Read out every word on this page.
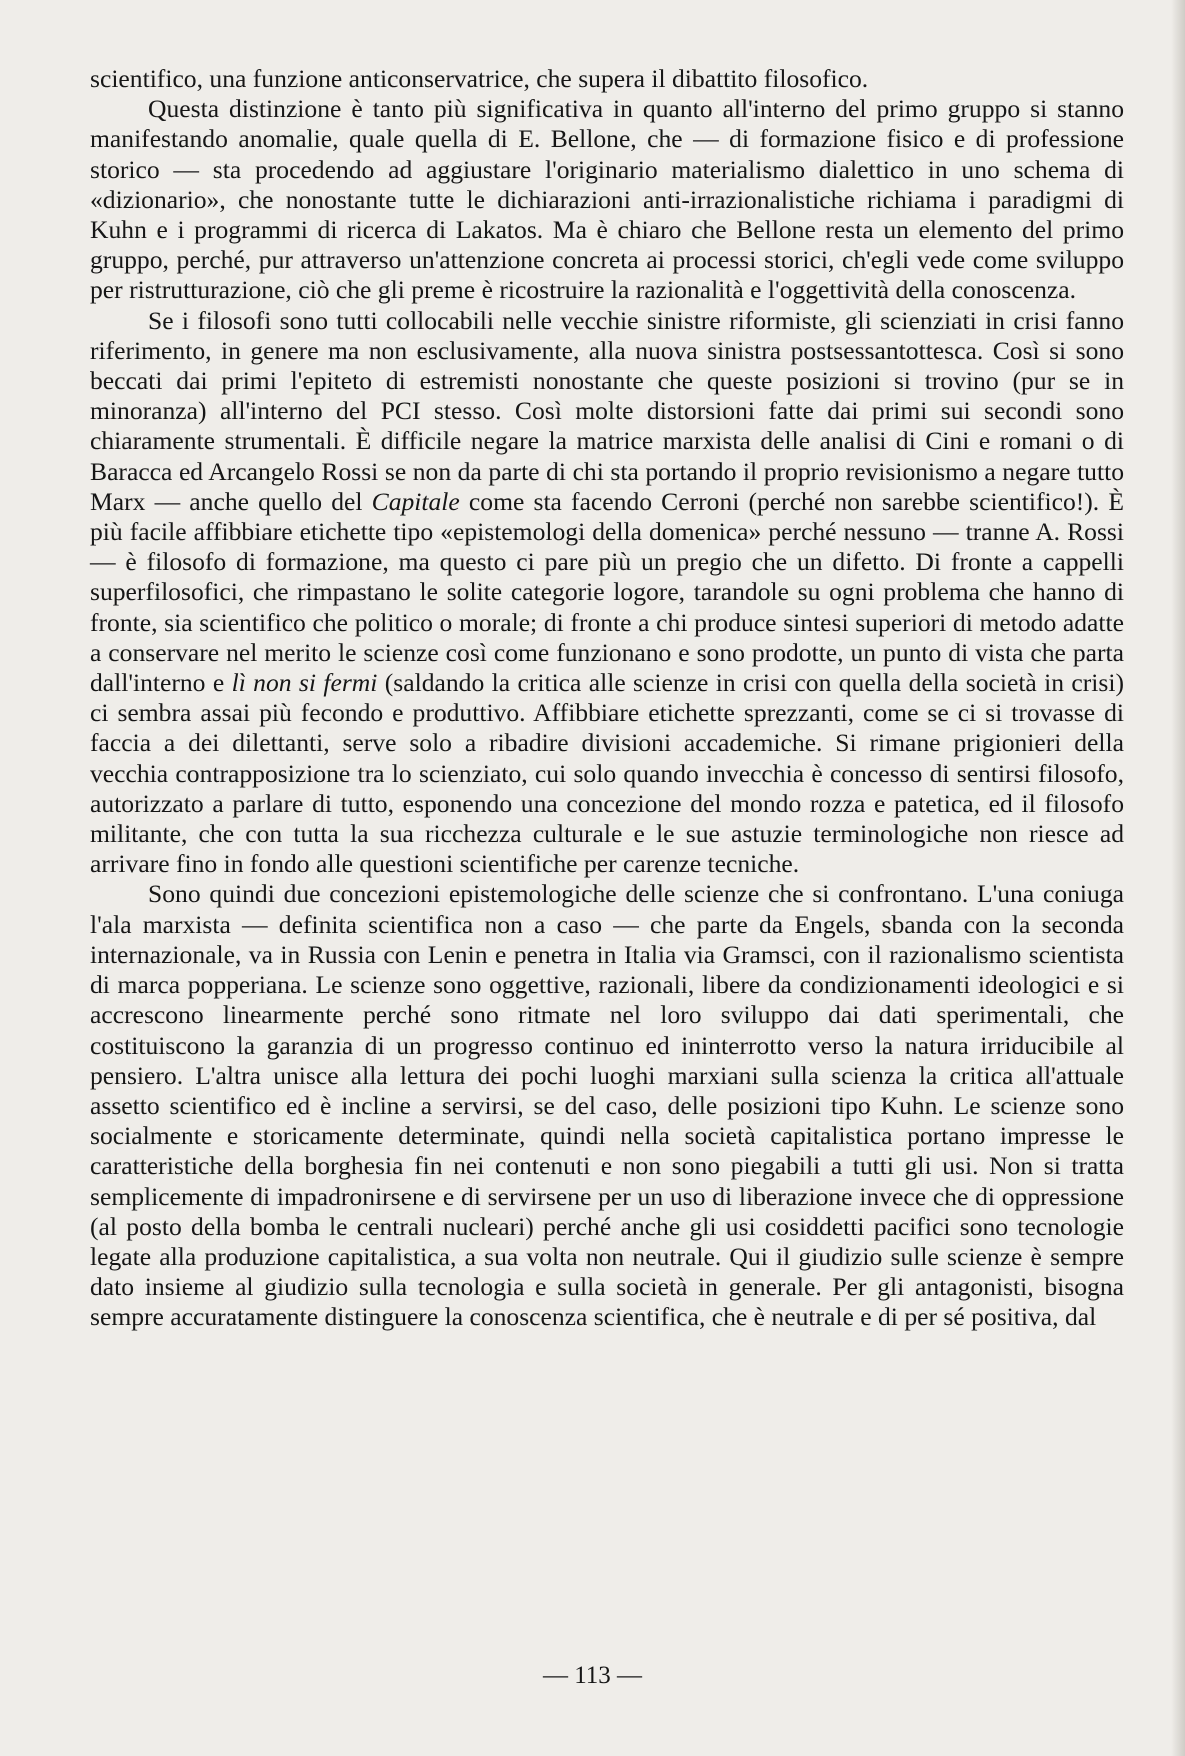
scientifico, una funzione anticonservatrice, che supera il dibattito filosofico.

Questa distinzione è tanto più significativa in quanto all'interno del primo gruppo si stanno manifestando anomalie, quale quella di E. Bellone, che — di formazione fisico e di professione storico — sta procedendo ad aggiustare l'originario materialismo dialettico in uno schema di «dizionario», che nonostante tutte le dichiarazioni anti-irrazionalistiche richiama i paradigmi di Kuhn e i programmi di ricerca di Lakatos. Ma è chiaro che Bellone resta un elemento del primo gruppo, perché, pur attraverso un'attenzione concreta ai processi storici, ch'egli vede come sviluppo per ristrutturazione, ciò che gli preme è ricostruire la razionalità e l'oggettività della conoscenza.

Se i filosofi sono tutti collocabili nelle vecchie sinistre riformiste, gli scienziati in crisi fanno riferimento, in genere ma non esclusivamente, alla nuova sinistra postsessantottesca. Così si sono beccati dai primi l'epiteto di estremisti nonostante che queste posizioni si trovino (pur se in minoranza) all'interno del PCI stesso. Così molte distorsioni fatte dai primi sui secondi sono chiaramente strumentali. È difficile negare la matrice marxista delle analisi di Cini e romani o di Baracca ed Arcangelo Rossi se non da parte di chi sta portando il proprio revisionismo a negare tutto Marx — anche quello del Capitale come sta facendo Cerroni (perché non sarebbe scientifico!). È più facile affibbiare etichette tipo «epistemologi della domenica» perché nessuno — tranne A. Rossi — è filosofo di formazione, ma questo ci pare più un pregio che un difetto. Di fronte a cappelli superfilosofici, che rimpastano le solite categorie logore, tarandole su ogni problema che hanno di fronte, sia scientifico che politico o morale; di fronte a chi produce sintesi superiori di metodo adatte a conservare nel merito le scienze così come funzionano e sono prodotte, un punto di vista che parta dall'interno e lì non si fermi (saldando la critica alle scienze in crisi con quella della società in crisi) ci sembra assai più fecondo e produttivo. Affibbiare etichette sprezzanti, come se ci si trovasse di faccia a dei dilettanti, serve solo a ribadire divisioni accademiche. Si rimane prigionieri della vecchia contrapposizione tra lo scienziato, cui solo quando invecchia è concesso di sentirsi filosofo, autorizzato a parlare di tutto, esponendo una concezione del mondo rozza e patetica, ed il filosofo militante, che con tutta la sua ricchezza culturale e le sue astuzie terminologiche non riesce ad arrivare fino in fondo alle questioni scientifiche per carenze tecniche.

Sono quindi due concezioni epistemologiche delle scienze che si confrontano. L'una coniuga l'ala marxista — definita scientifica non a caso — che parte da Engels, sbanda con la seconda internazionale, va in Russia con Lenin e penetra in Italia via Gramsci, con il razionalismo scientista di marca popperiana. Le scienze sono oggettive, razionali, libere da condizionamenti ideologici e si accrescono linearmente perché sono ritmate nel loro sviluppo dai dati sperimentali, che costituiscono la garanzia di un progresso continuo ed ininterrotto verso la natura irriducibile al pensiero. L'altra unisce alla lettura dei pochi luoghi marxiani sulla scienza la critica all'attuale assetto scientifico ed è incline a servirsi, se del caso, delle posizioni tipo Kuhn. Le scienze sono socialmente e storicamente determinate, quindi nella società capitalistica portano impresse le caratteristiche della borghesia fin nei contenuti e non sono piegabili a tutti gli usi. Non si tratta semplicemente di impadronirsene e di servirsene per un uso di liberazione invece che di oppressione (al posto della bomba le centrali nucleari) perché anche gli usi cosiddetti pacifici sono tecnologie legate alla produzione capitalistica, a sua volta non neutrale. Qui il giudizio sulle scienze è sempre dato insieme al giudizio sulla tecnologia e sulla società in generale. Per gli antagonisti, bisogna sempre accuratamente distinguere la conoscenza scientifica, che è neutrale e di per sé positiva, dal

— 113 —
